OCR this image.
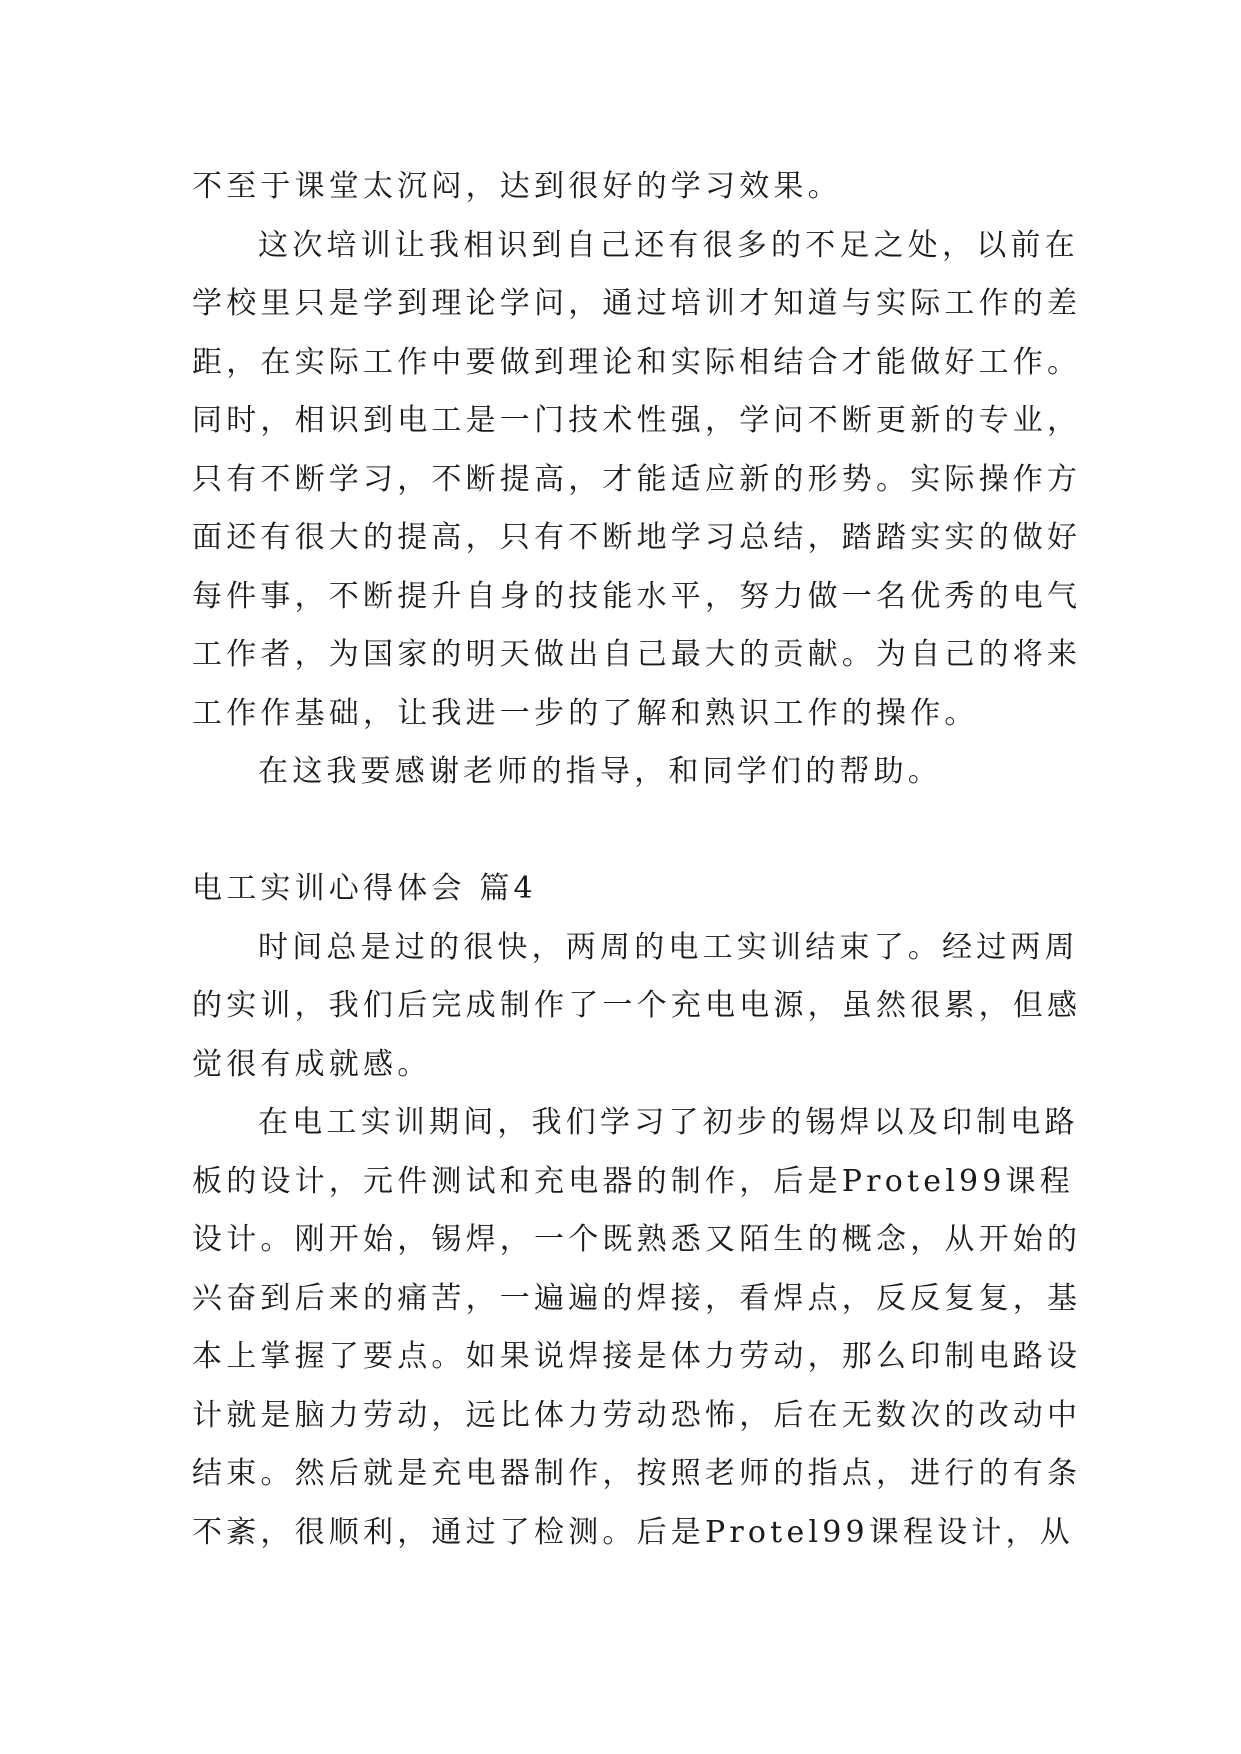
不至于课堂太沉闷，达到很好的学习效果。
这次培训让我相识到自己还有很多的不足之处，以前在
学校里只是学到理论学问，通过培训才知道与实际工作的差
距，在实际工作中要做到理论和实际相结合才能做好工作。
同时，相识到电工是一门技术性强，学问不断更新的专业，
只有不断学习，不断提高，才能适应新的形势。实际操作方
面还有很大的提高，只有不断地学习总结，踏踏实实的做好
每件事，不断提升自身的技能水平，努力做一名优秀的电气
工作者，为国家的明天做出自己最大的贡献。为自己的将来
工作作基础，让我进一步的了解和熟识工作的操作。
在这我要感谢老师的指导，和同学们的帮助。
电工实训心得体会 篇4
时间总是过的很快，两周的电工实训结束了。经过两周
的实训，我们后完成制作了一个充电电源，虽然很累，但感
觉很有成就感。
在电工实训期间，我们学习了初步的锡焊以及印制电路
板的设计，元件测试和充电器的制作，后是Protel99课程
设计。刚开始，锡焊，一个既熟悉又陌生的概念，从开始的
兴奋到后来的痛苦，一遍遍的焊接，看焊点，反反复复，基
本上掌握了要点。如果说焊接是体力劳动，那么印制电路设
计就是脑力劳动，远比体力劳动恐怖，后在无数次的改动中
结束。然后就是充电器制作，按照老师的指点，进行的有条
不紊，很顺利，通过了检测。后是Protel99课程设计，从
